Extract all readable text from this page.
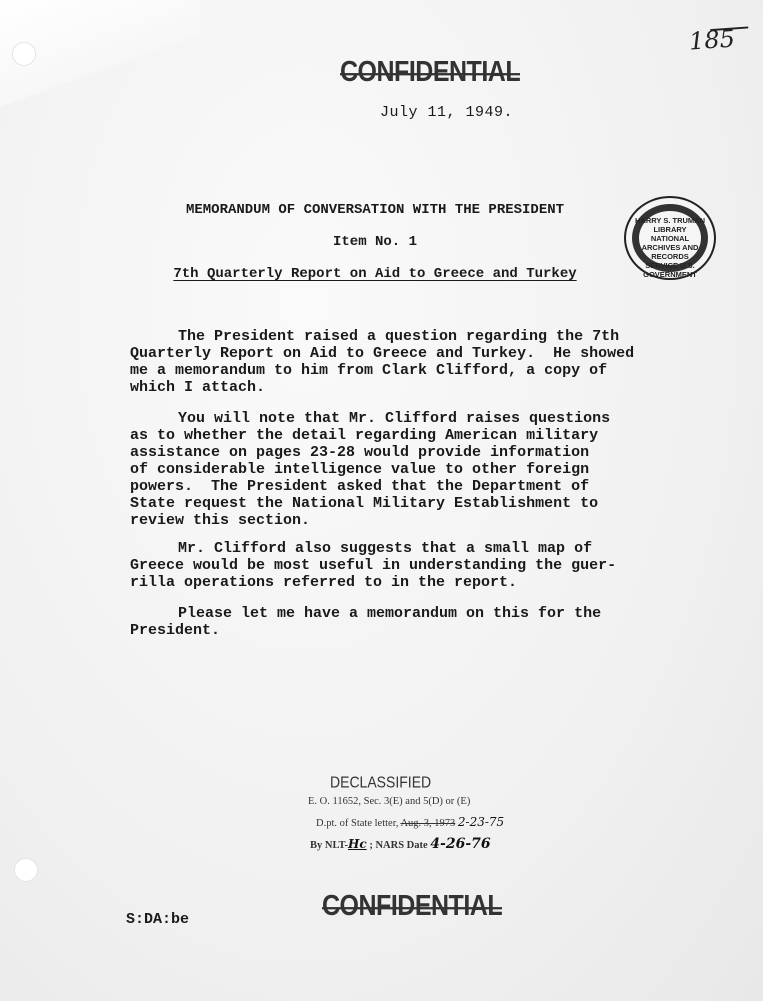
185
CONFIDENTIAL
July 11, 1949.
MEMORANDUM OF CONVERSATION WITH THE PRESIDENT
Item No. 1
7th Quarterly Report on Aid to Greece and Turkey
HARRY S. TRUMAN LIBRARY NATIONAL ARCHIVES AND RECORDS SERVICE U.S. GOVERNMENT

The President raised a question regarding the 7th
Quarterly Report on Aid to Greece and Turkey.  He showed
me a memorandum to him from Clark Clifford, a copy of
which I attach.

You will note that Mr. Clifford raises questions
as to whether the detail regarding American military
assistance on pages 23-28 would provide information
of considerable intelligence value to other foreign
powers.  The President asked that the Department of
State request the National Military Establishment to
review this section.

Mr. Clifford also suggests that a small map of
Greece would be most useful in understanding the guer-
rilla operations referred to in the report.

Please let me have a memorandum on this for the
President.

DECLASSIFIED
E. O. 11652, Sec. 3(E) and 5(D) or (E)
D.pt. of State letter, Aug. 3, 1973 2-23-75
By NLT-Hc ; NARS Date 4-26-76
S:DA:be	CONFIDENTIAL
